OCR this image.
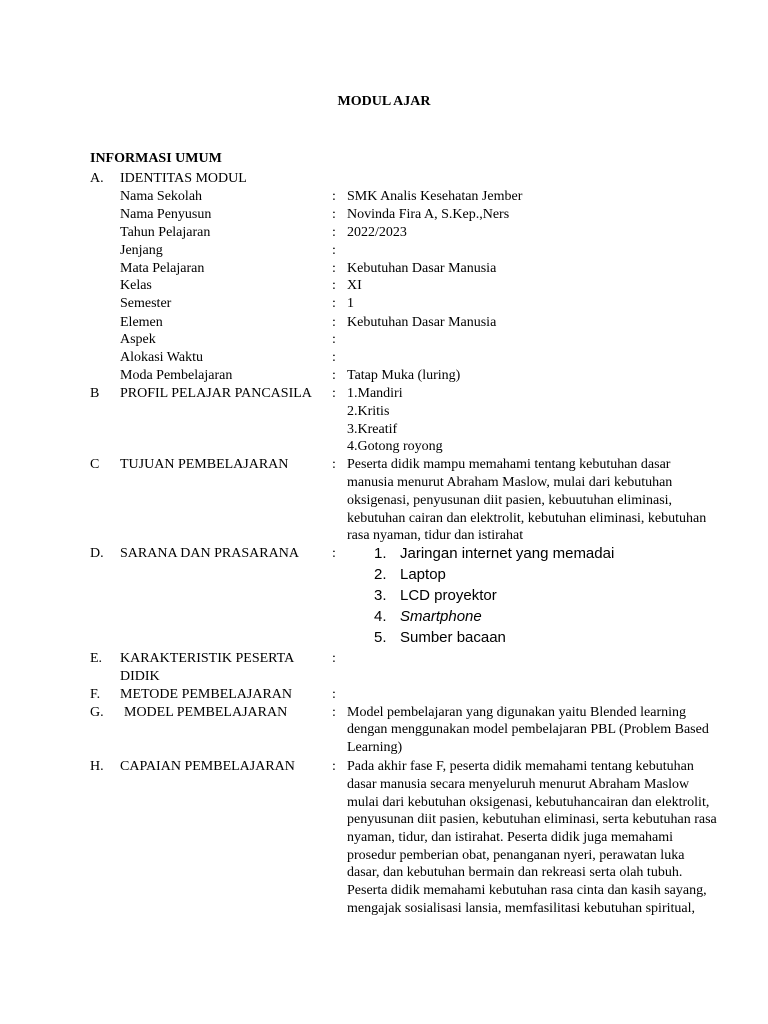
MODUL AJAR
INFORMASI UMUM
A. IDENTITAS MODUL
Nama Sekolah	: SMK Analis Kesehatan Jember
Nama Penyusun	: Novinda Fira A, S.Kep.,Ners
Tahun Pelajaran	: 2022/2023
Jenjang	:
Mata Pelajaran	: Kebutuhan Dasar Manusia
Kelas	: XI
Semester	: 1
Elemen	: Kebutuhan Dasar Manusia
Aspek	:
Alokasi Waktu	:
Moda Pembelajaran	: Tatap Muka (luring)
B PROFIL PELAJAR PANCASILA : 1.Mandiri
2.Kritis
3.Kreatif
4.Gotong royong
C TUJUAN PEMBELAJARAN	: Peserta didik mampu memahami tentang kebutuhan dasar
manusia menurut Abraham Maslow, mulai dari kebutuhan
oksigenasi, penyusunan diit pasien, kebuutuhan eliminasi,
kebutuhan cairan dan elektrolit, kebutuhan eliminasi, kebutuhan
rasa nyaman, tidur dan istirahat
D. SARANA DAN PRASARANA :	1. Jaringan internet yang memadai
2. Laptop
3. LCD proyektor
4. Smartphone
5. Sumber bacaan
E. KARAKTERISTIK PESERTA
DIDIK
:
F. METODE PEMBELAJARAN	:
G. MODEL PEMBELAJARAN	: Model pembelajaran yang digunakan yaitu Blended learning
dengan menggunakan model pembelajaran PBL (Problem Based
Learning)
H. CAPAIAN PEMBELAJARAN	: Pada akhir fase F, peserta didik memahami tentang kebutuhan
dasar manusia secara menyeluruh menurut Abraham Maslow
mulai dari kebutuhan oksigenasi, kebutuhancairan dan elektrolit,
penyusunan diit pasien, kebutuhan eliminasi, serta kebutuhan rasa
nyaman, tidur, dan istirahat. Peserta didik juga memahami
prosedur pemberian obat, penanganan nyeri, perawatan luka
dasar, dan kebutuhan bermain dan rekreasi serta olah tubuh.
Peserta didik memahami kebutuhan rasa cinta dan kasih sayang,
mengajak sosialisasi lansia, memfasilitasi kebutuhan spiritual,
